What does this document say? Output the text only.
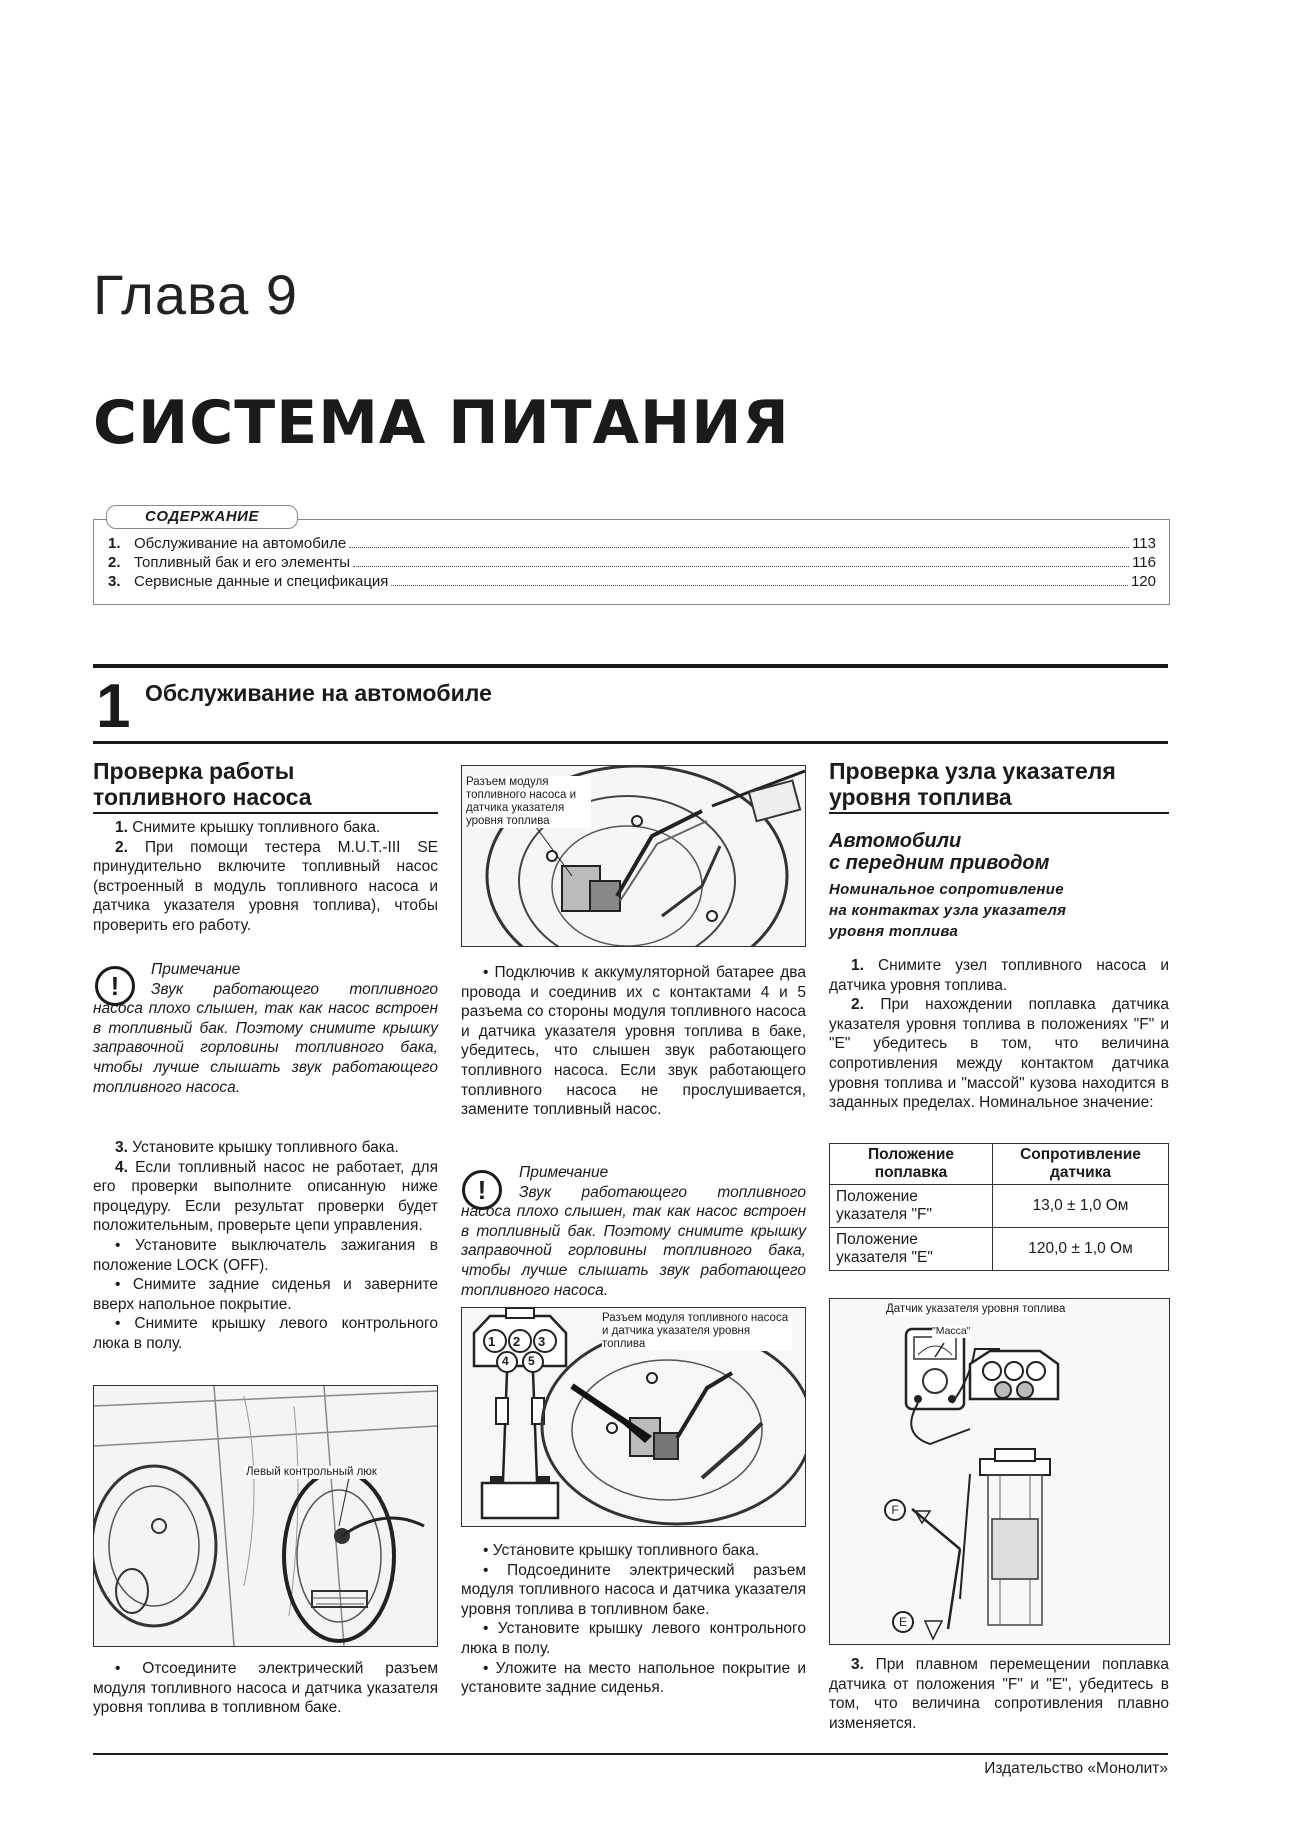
Глава 9
СИСТЕМА ПИТАНИЯ
СОДЕРЖАНИЕ
1. Обслуживание на автомобиле	113
2. Топливный бак и его элементы	116
3. Сервисные данные и спецификация	120
1 Обслуживание на автомобиле
Проверка работы
топливного насоса

1. Снимите крышку топливного бака.

2. При помощи тестера M.U.T.-III SE принудительно включите топливный насос (встроенный в модуль топливного насоса и датчика указателя уровня топлива), чтобы проверить его работу.

!
Примечание
Звук работающего топливного насоса плохо слышен, так как насос встроен в топливный бак. Поэтому снимите крышку заправочной горловины топливного бака, чтобы лучше слышать звук работающего топливного насоса.

3. Установите крышку топливного бака.

4. Если топливный насос не работает, для его проверки выполните описанную ниже процедуру. Если результат проверки будет положительным, проверьте цепи управления.

• Установите выключатель зажигания в положение LOCK (OFF).

• Снимите задние сиденья и заверните вверх напольное покрытие.

• Снимите крышку левого контрольного люка в полу.

Левый контрольный люк

• Отсоедините электрический разъем модуля топливного насоса и датчика указателя уровня топлива в топливном баке.

Разъем модуля топливного насоса и датчика указателя уровня топлива

• Подключив к аккумуляторной батарее два провода и соединив их с контактами 4 и 5 разъема со стороны модуля топливного насоса и датчика указателя уровня топлива в баке, убедитесь, что слышен звук работающего топливного насоса. Если звук работающего топливного насоса не прослушивается, замените топливный насос.

!
Примечание
Звук работающего топливного насоса плохо слышен, так как насос встроен в топливный бак. Поэтому снимите крышку заправочной горловины топливного бака, чтобы лучше слышать звук работающего топливного насоса.
1 2 3
4 5
Разъем модуля топливного насоса и датчика указателя уровня топлива

• Установите крышку топливного бака.

• Подсоедините электрический разъем модуля топливного насоса и датчика указателя уровня топлива в топливном баке.

• Установите крышку левого контрольного люка в полу.

• Уложите на место напольное покрытие и установите задние сиденья.

Проверка узла указателя
уровня топлива
Автомобили
с передним приводом
Номинальное сопротивление
на контактах узла указателя
уровня топлива

1. Снимите узел топливного насоса и датчика уровня топлива.

2. При нахождении поплавка датчика указателя уровня топлива в положениях "F" и "E" убедитесь в том, что величина сопротивления между контактом датчика уровня топлива и "массой" кузова находится в заданных пределах. Номинальное значение:

Положение поплавка	Сопротивление датчика
Положение указателя "F"	13,0 ± 1,0 Ом
Положение указателя "E"	120,0 ± 1,0 Ом
F
E
Датчик указателя уровня топлива
"Масса"

3. При плавном перемещении поплавка датчика от положения "F" и "E", убедитесь в том, что величина сопротивления плавно изменяется.

Издательство «Монолит»
